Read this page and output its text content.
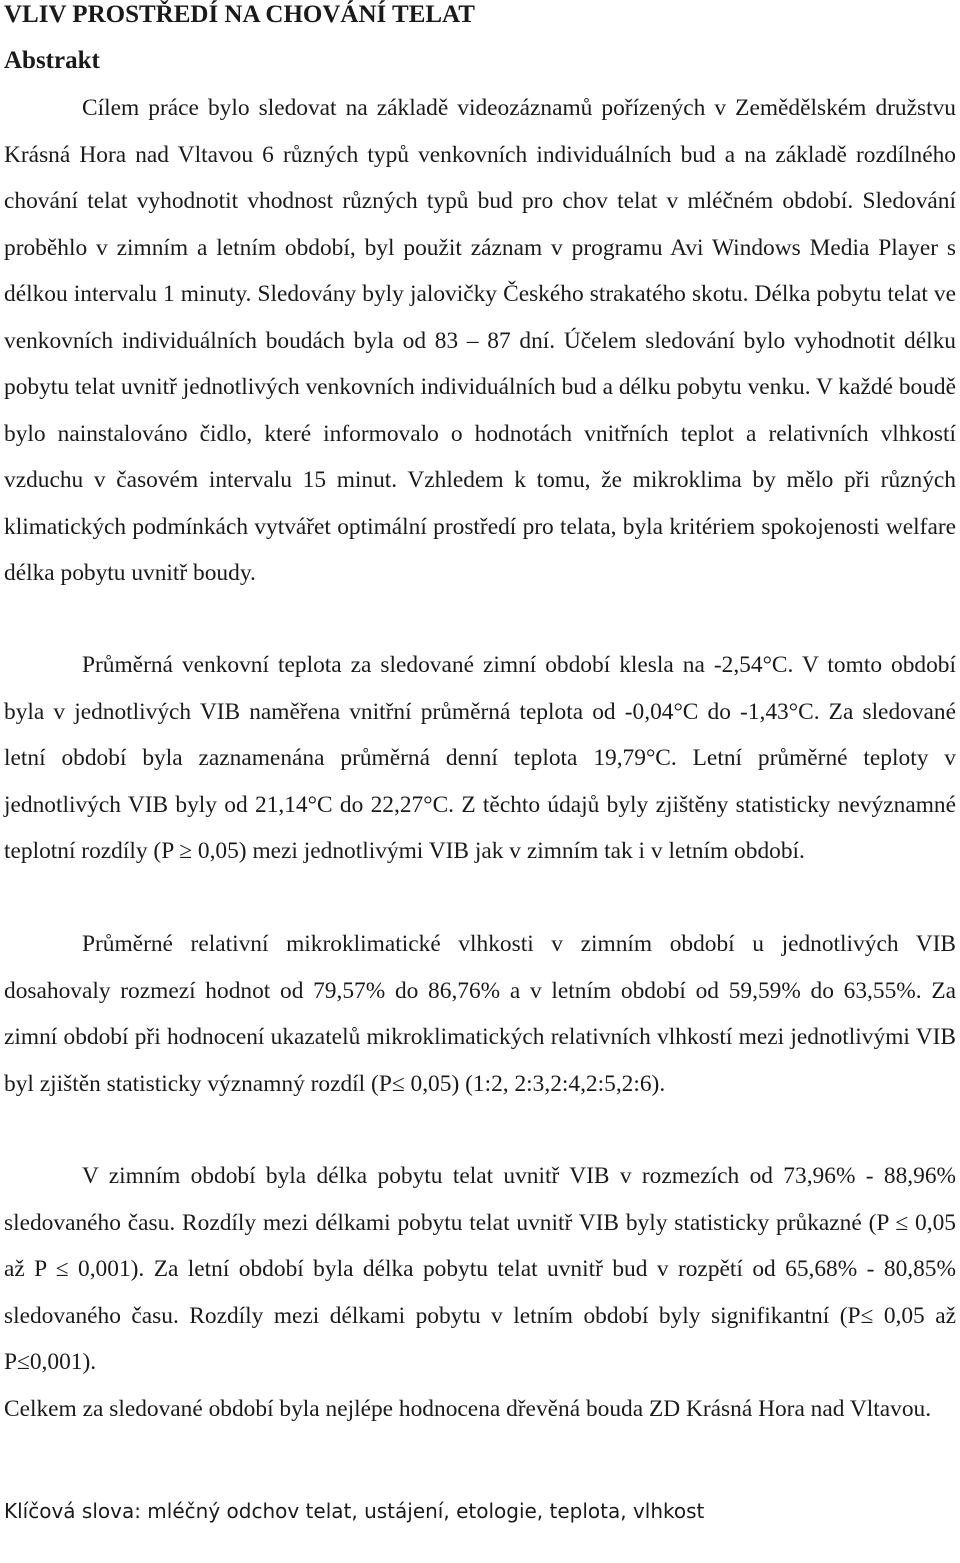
VLIV PROSTŘEDÍ NA CHOVÁNÍ TELAT
Abstrakt

Cílem práce bylo sledovat na základě videozáznamů pořízených v Zemědělském družstvu Krásná Hora nad Vltavou 6 různých typů venkovních individuálních bud a na základě rozdílného chování telat vyhodnotit vhodnost různých typů bud pro chov telat v mléčném období. Sledování proběhlo v zimním a letním období, byl použit záznam v programu Avi Windows Media Player s délkou intervalu 1 minuty. Sledovány byly jalovičky Českého strakatého skotu. Délka pobytu telat ve venkovních individuálních boudách byla od 83 – 87 dní. Účelem sledování bylo vyhodnotit délku pobytu telat uvnitř jednotlivých venkovních individuálních bud a délku pobytu venku. V každé boudě bylo nainstalováno čidlo, které informovalo o hodnotách vnitřních teplot a relativních vlhkostí vzduchu v časovém intervalu 15 minut. Vzhledem k tomu, že mikroklima by mělo při různých klimatických podmínkách vytvářet optimální prostředí pro telata, byla kritériem spokojenosti welfare délka pobytu uvnitř boudy.

Průměrná venkovní teplota za sledované zimní období klesla na -2,54°C. V tomto období byla v jednotlivých VIB naměřena vnitřní průměrná teplota od -0,04°C do -1,43°C. Za sledované letní období byla zaznamenána průměrná denní teplota 19,79°C. Letní průměrné teploty v jednotlivých VIB byly od 21,14°C do 22,27°C. Z těchto údajů byly zjištěny statisticky nevýznamné teplotní rozdíly (P ≥ 0,05) mezi jednotlivými VIB jak v zimním tak i v letním období.

Průměrné relativní mikroklimatické vlhkosti v zimním období u jednotlivých VIB dosahovaly rozmezí hodnot od 79,57% do 86,76% a v letním období od 59,59% do 63,55%. Za zimní období při hodnocení ukazatelů mikroklimatických relativních vlhkostí mezi jednotlivými VIB byl zjištěn statisticky významný rozdíl (P≤ 0,05) (1:2, 2:3,2:4,2:5,2:6).

V zimním období byla délka pobytu telat uvnitř VIB v rozmezích od 73,96% - 88,96% sledovaného času. Rozdíly mezi délkami pobytu telat uvnitř VIB byly statisticky průkazné (P ≤ 0,05 až P ≤ 0,001). Za letní období byla délka pobytu telat uvnitř bud v rozpětí od 65,68% - 80,85% sledovaného času. Rozdíly mezi délkami pobytu v letním období byly signifikantní (P≤ 0,05 až P≤0,001).

Celkem za sledované období byla nejlépe hodnocena dřevěná bouda ZD Krásná Hora nad Vltavou.

Klíčová slova: mléčný odchov telat, ustájení, etologie, teplota, vlhkost
